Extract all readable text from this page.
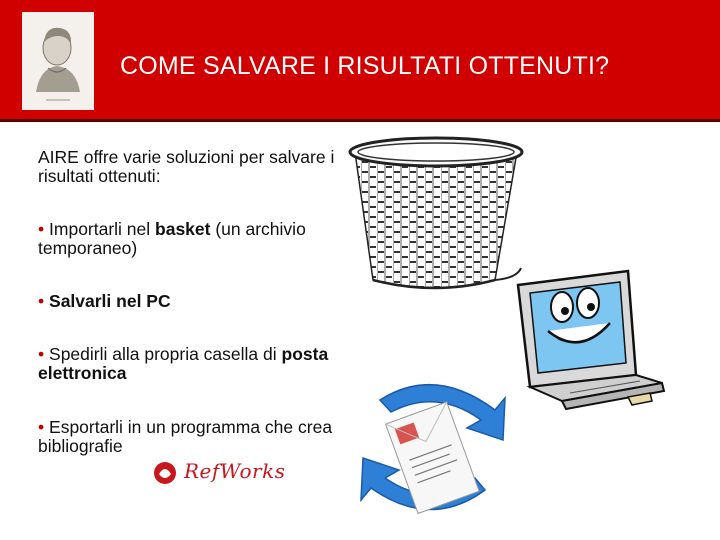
COME SALVARE I RISULTATI OTTENUTI?
AIRE offre varie soluzioni per salvare i risultati ottenuti:
• Importarli nel basket (un archivio temporaneo)
• Salvarli nel PC
• Spedirli alla propria casella di posta elettronica
• Esportarli in un programma che crea bibliografie
RefWorks
